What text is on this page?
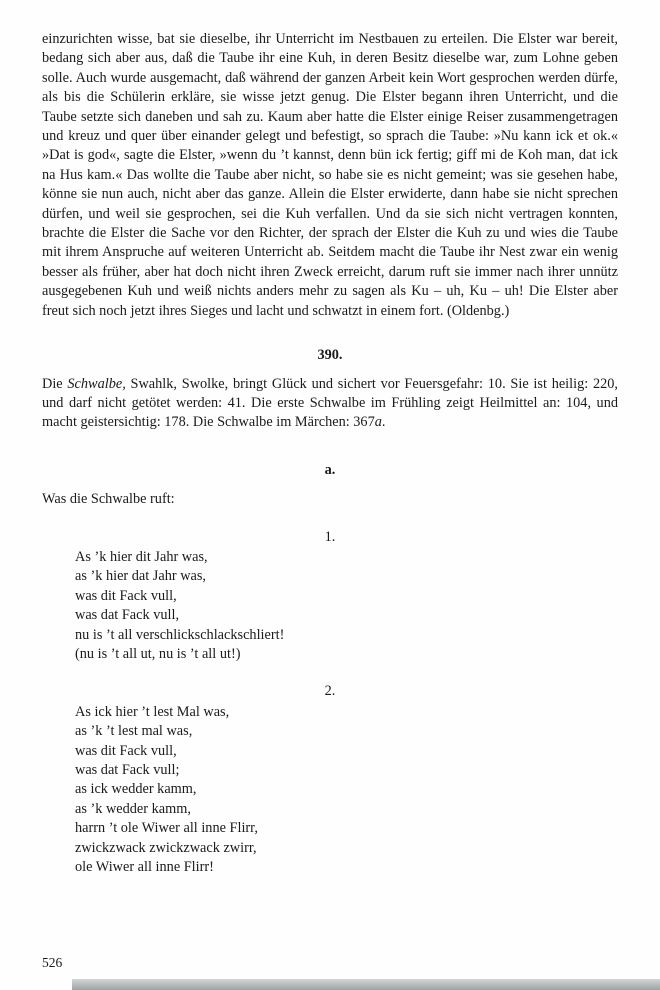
einzurichten wisse, bat sie dieselbe, ihr Unterricht im Nestbauen zu erteilen. Die Elster war bereit, bedang sich aber aus, daß die Taube ihr eine Kuh, in deren Besitz dieselbe war, zum Lohne geben solle. Auch wurde ausgemacht, daß während der ganzen Arbeit kein Wort gesprochen werden dürfe, als bis die Schülerin erkläre, sie wisse jetzt genug. Die Elster begann ihren Unterricht, und die Taube setzte sich daneben und sah zu. Kaum aber hatte die Elster einige Reiser zusammengetragen und kreuz und quer über einander gelegt und befestigt, so sprach die Taube: »Nu kann ick et ok.« »Dat is god«, sagte die Elster, »wenn du ’t kannst, denn bün ick fertig; giff mi de Koh man, dat ick na Hus kam.« Das wollte die Taube aber nicht, so habe sie es nicht gemeint; was sie gesehen habe, könne sie nun auch, nicht aber das ganze. Allein die Elster erwiderte, dann habe sie nicht sprechen dürfen, und weil sie gesprochen, sei die Kuh verfallen. Und da sie sich nicht vertragen konnten, brachte die Elster die Sache vor den Richter, der sprach der Elster die Kuh zu und wies die Taube mit ihrem Anspruche auf weiteren Unterricht ab. Seitdem macht die Taube ihr Nest zwar ein wenig besser als früher, aber hat doch nicht ihren Zweck erreicht, darum ruft sie immer nach ihrer unnütz ausgegebenen Kuh und weiß nichts anders mehr zu sagen als Ku – uh, Ku – uh! Die Elster aber freut sich noch jetzt ihres Sieges und lacht und schwatzt in einem fort. (Oldenbg.)

390.

Die Schwalbe, Swahlk, Swolke, bringt Glück und sichert vor Feuersgefahr: 10. Sie ist heilig: 220, und darf nicht getötet werden: 41. Die erste Schwalbe im Frühling zeigt Heilmittel an: 104, und macht geistersichtig: 178. Die Schwalbe im Märchen: 367a.

a.

Was die Schwalbe ruft:

1.

As ’k hier dit Jahr was,
as ’k hier dat Jahr was,
was dit Fack vull,
was dat Fack vull,
nu is ’t all verschlickschlackschliert!
(nu is ’t all ut, nu is ’t all ut!)

2.

As ick hier ’t lest Mal was,
as ’k ’t lest mal was,
was dit Fack vull,
was dat Fack vull;
as ick wedder kamm,
as ’k wedder kamm,
harrn ’t ole Wiwer all inne Flirr,
zwickzwack zwickzwack zwirr,
ole Wiwer all inne Flirr!
526
